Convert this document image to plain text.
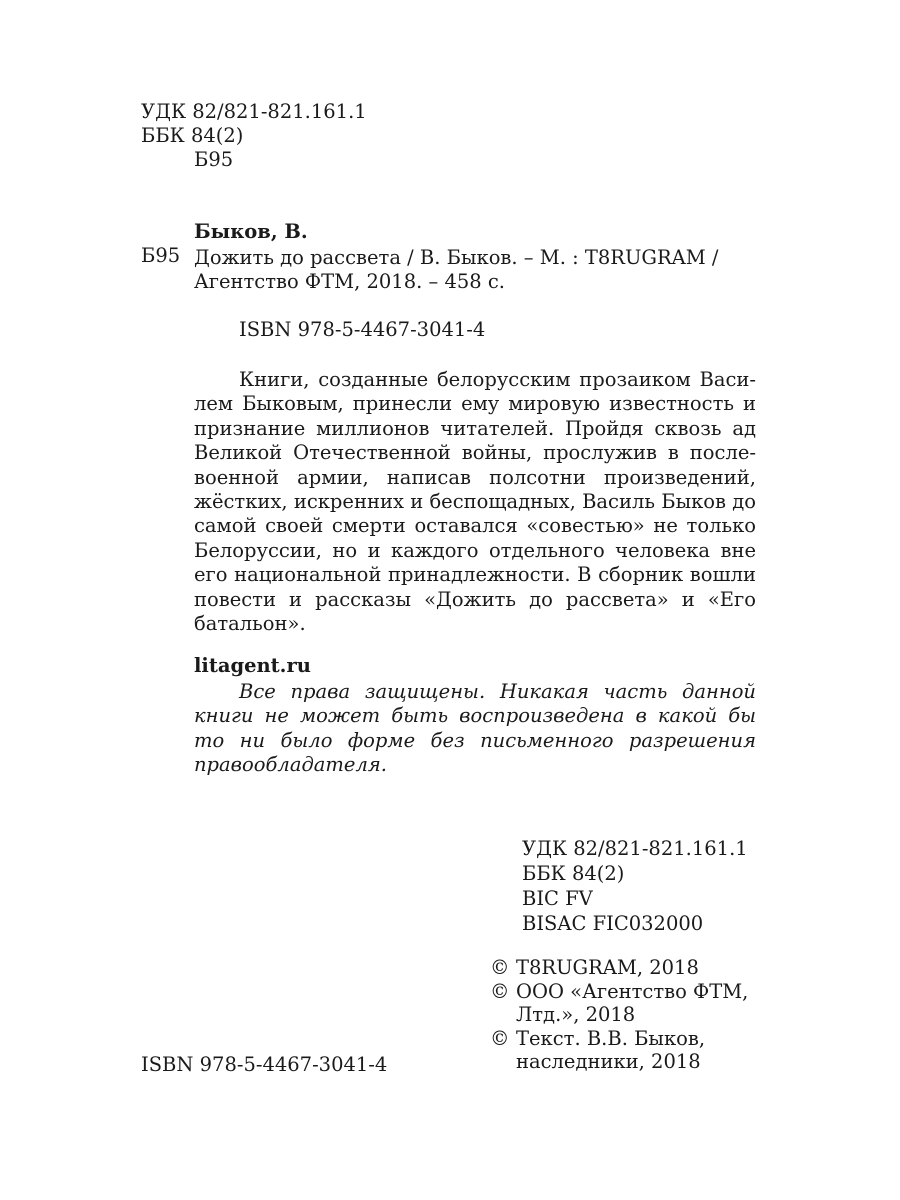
УДК 82/821-821.161.1
ББК 84(2)
Б95
Быков, В.
Б95 Дожить до рассвета / В. Быков. – М. : T8RUGRAM /
Агентство ФТМ, 2018. – 458 с.
ISBN 978-5-4467-3041-4

Книги, созданные белорусским прозаиком Василем Быковым, принесли ему мировую известность и признание миллионов читателей. Пройдя сквозь ад Великой Отечественной войны, прослужив в послевоенной армии, написав полсотни произведений, жёстких, искренних и беспощадных, Василь Быков до самой своей смерти оставался «совестью» не только Белоруссии, но и каждого отдельного человека вне его национальной принадлежности. В сборник вошли повести и рассказы «Дожить до рассвета» и «Его батальон».

litagent.ru

Все права защищены. Никакая часть данной книги не может быть воспроизведена в какой бы то ни было форме без письменного разрешения правообладателя.

УДК 82/821-821.161.1
ББК 84(2)
BIC FV
BISAC FIC032000
© T8RUGRAM, 2018
© ООО «Агентство ФТМ,
Лтд.», 2018
© Текст. В.В. Быков,
наследники, 2018
ISBN 978-5-4467-3041-4
